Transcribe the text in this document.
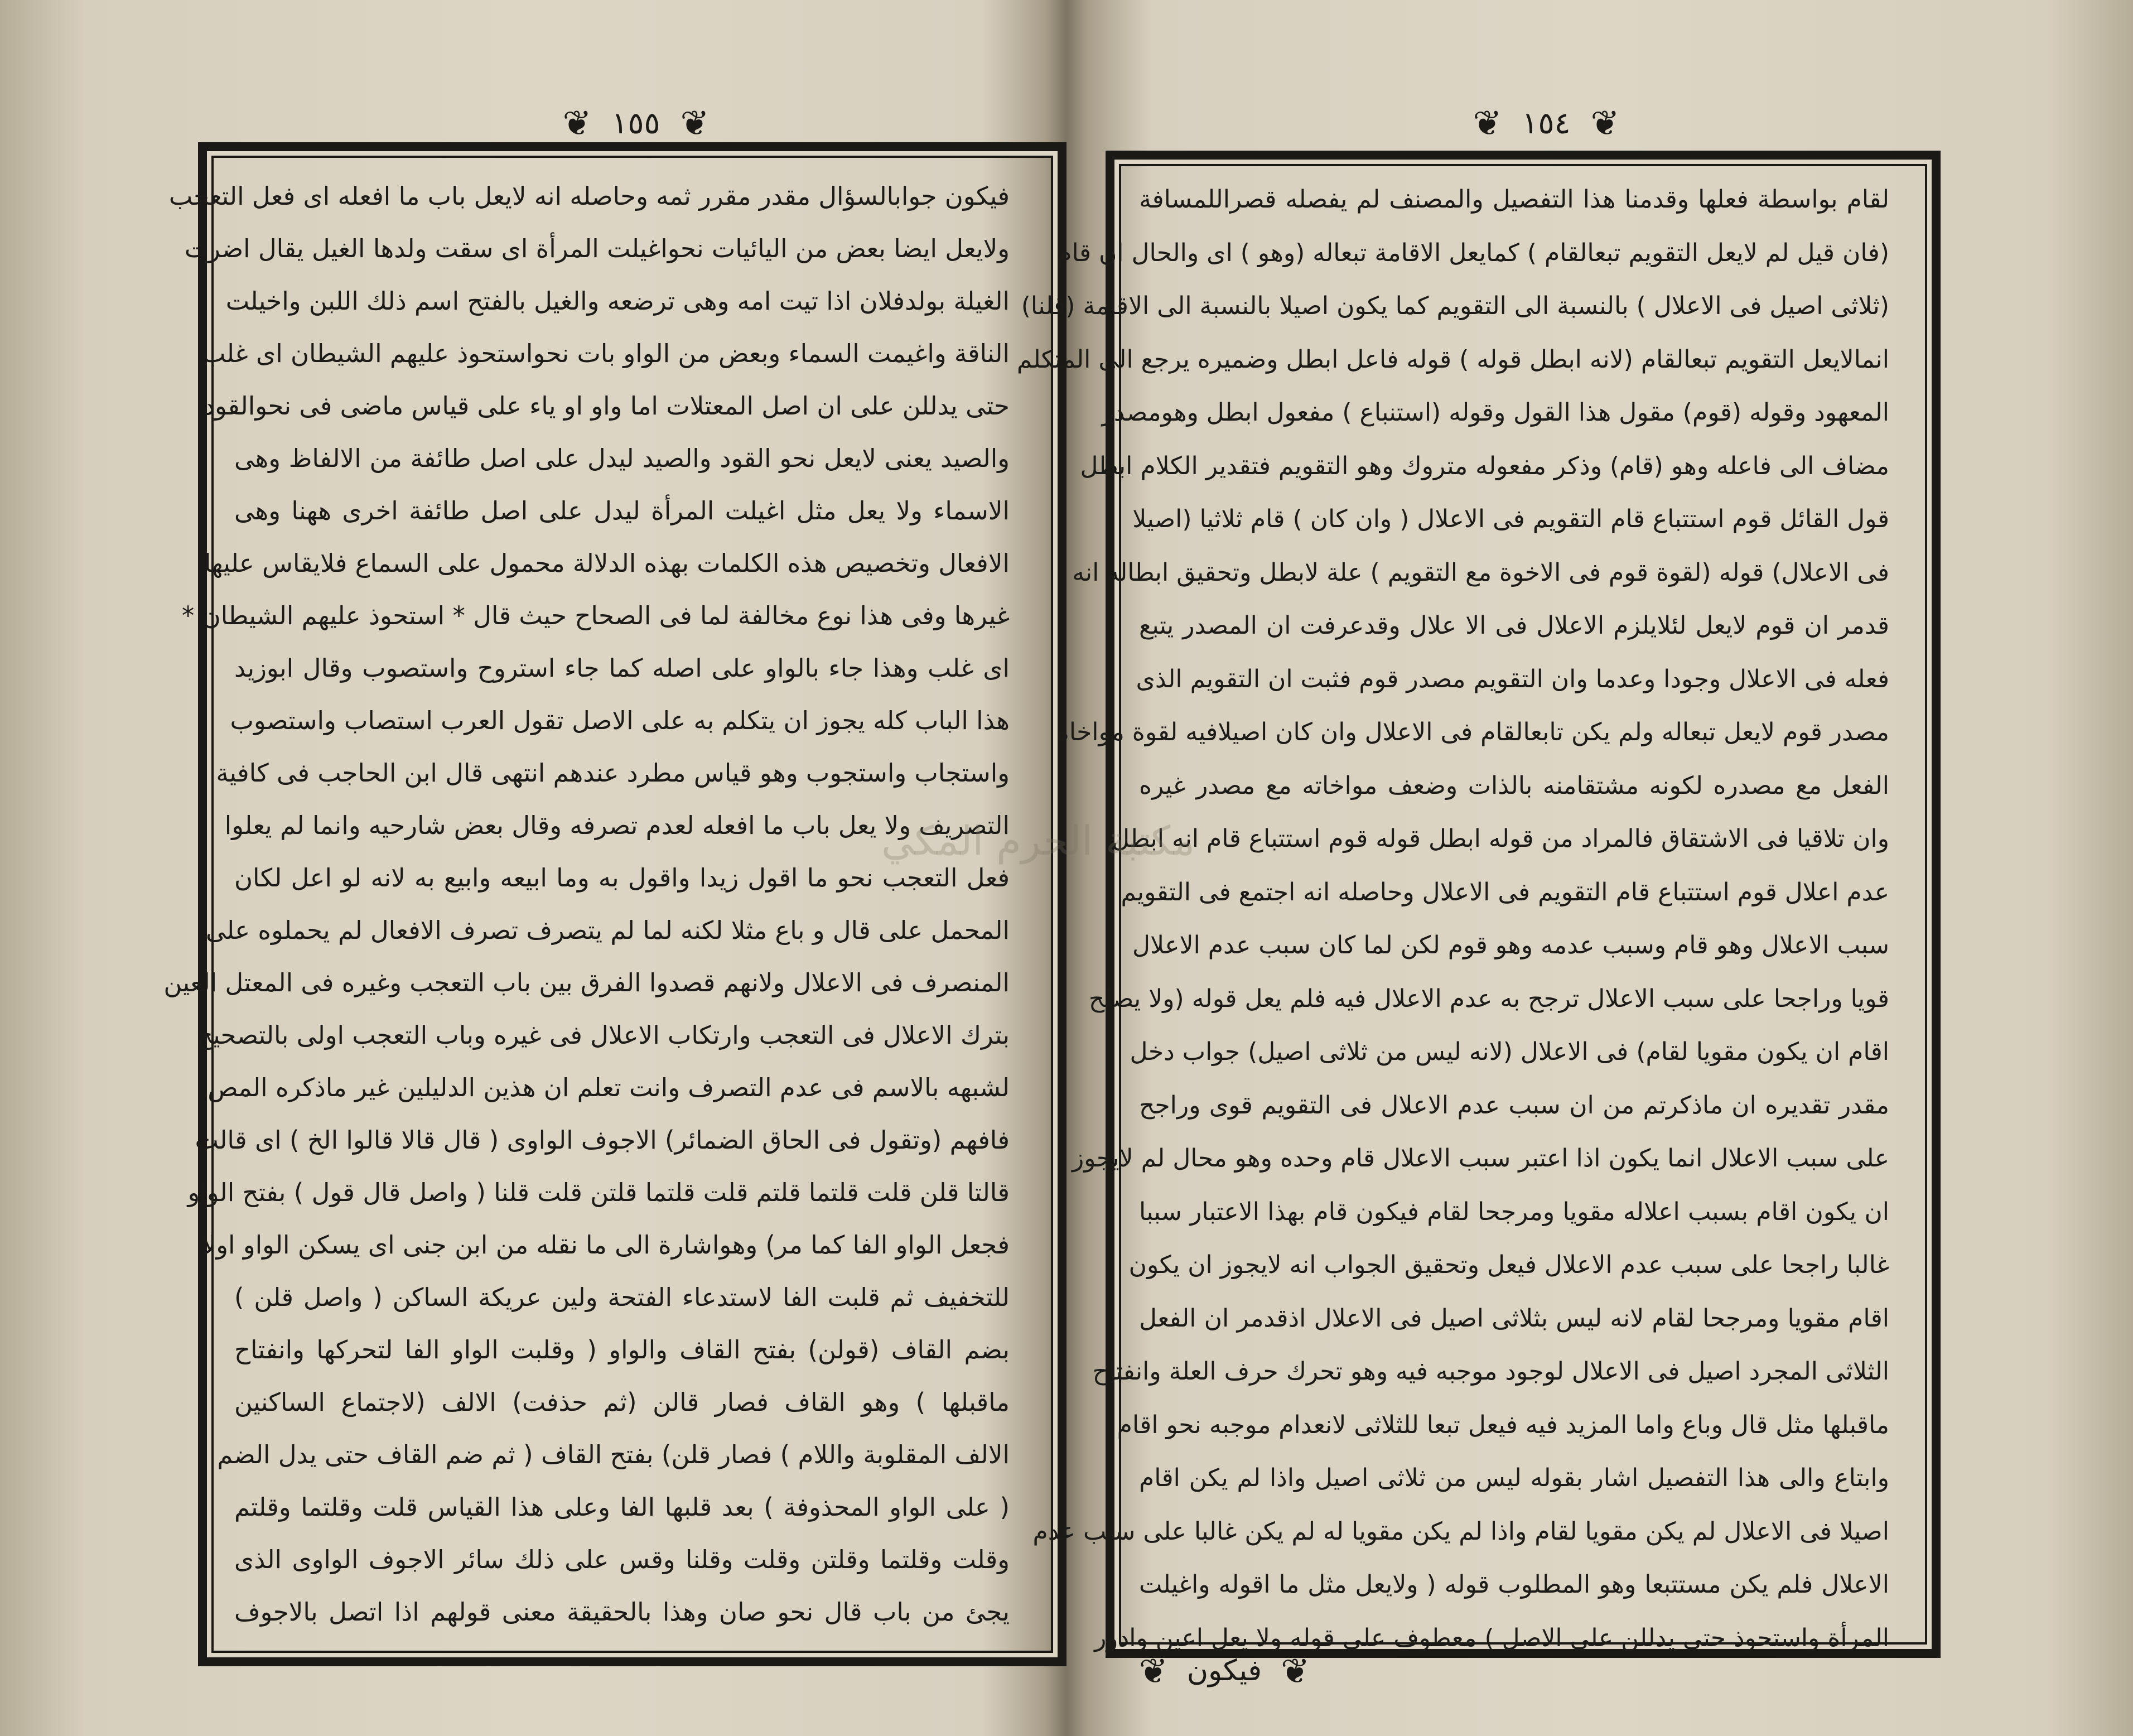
❦ ١٥٥ ❦
فيكون جوابالسؤال مقدر مقرر ثمه وحاصله انه لايعل باب ما افعله اى فعل التعجب
ولايعل ايضا بعض من اليائيات نحواغيلت المرأة اى سقت ولدها الغيل يقال اضرت
الغيلة بولدفلان اذا تيت امه وهى ترضعه والغيل بالفتح اسم ذلك اللبن واخيلت
الناقة واغيمت السماء وبعض من الواو بات نحواستحوذ عليهم الشيطان اى غلب
حتى يدللن على ان اصل المعتلات اما واو او ياء على قياس ماضى فى نحوالقود
والصيد يعنى لايعل نحو القود والصيد ليدل على اصل طائفة من الالفاظ وهى
الاسماء ولا يعل مثل اغيلت المرأة ليدل على اصل طائفة اخرى ههنا وهى
الافعال وتخصيص هذه الكلمات بهذه الدلالة محمول على السماع فلايقاس عليها
غيرها وفى هذا نوع مخالفة لما فى الصحاح حيث قال * استحوذ عليهم الشيطان *
اى غلب وهذا جاء بالواو على اصله كما جاء استروح واستصوب وقال ابوزيد
هذا الباب كله يجوز ان يتكلم به على الاصل تقول العرب استصاب واستصوب
واستجاب واستجوب وهو قياس مطرد عندهم انتهى قال ابن الحاجب فى كافية
التصريف ولا يعل باب ما افعله لعدم تصرفه وقال بعض شارحيه وانما لم يعلوا
فعل التعجب نحو ما اقول زيدا واقول به وما ابيعه وابيع به لانه لو اعل لكان
المحمل على قال و باع مثلا لكنه لما لم يتصرف تصرف الافعال لم يحملوه على
المنصرف فى الاعلال ولانهم قصدوا الفرق بين باب التعجب وغيره فى المعتل العين
بترك الاعلال فى التعجب وارتكاب الاعلال فى غيره وباب التعجب اولى بالتصحيح
لشبهه بالاسم فى عدم التصرف وانت تعلم ان هذين الدليلين غير ماذكره المص
فافهم (وتقول فى الحاق الضمائر) الاجوف الواوى ( قال قالا قالوا الخ ) اى قالت
قالتا قلن قلت قلتما قلتم قلت قلتما قلتن قلت قلنا ( واصل قال قول ) بفتح الواو
فجعل الواو الفا كما مر) وهواشارة الى ما نقله من ابن جنى اى يسكن الواو اولا
للتخفيف ثم قلبت الفا لاستدعاء الفتحة ولين عريكة الساكن ( واصل قلن )
بضم القاف (قولن) بفتح القاف والواو ( وقلبت الواو الفا لتحركها وانفتاح
ماقبلها ) وهو القاف فصار قالن (ثم حذفت) الالف (لاجتماع الساكنين
الالف المقلوبة واللام ) فصار قلن) بفتح القاف ( ثم ضم القاف حتى يدل الضم
( على الواو المحذوفة ) بعد قلبها الفا وعلى هذا القياس قلت وقلتما وقلتم
وقلت وقلتما وقلتن وقلت وقلنا وقس على ذلك سائر الاجوف الواوى الذى
يجئ من باب قال نحو صان وهذا بالحقيقة معنى قولهم اذا اتصل بالاجوف
❦ ١٥٤ ❦
لقام بواسطة فعلها وقدمنا هذا التفصيل والمصنف لم يفصله قصراللمسافة
(فان قيل لم لايعل التقويم تبعالقام ) كمايعل الاقامة تبعاله (وهو ) اى والحال ان قام
(ثلاثى اصيل فى الاعلال ) بالنسبة الى التقويم كما يكون اصيلا بالنسبة الى الاقامة (قلنا)
انمالايعل التقويم تبعالقام (لانه ابطل قوله ) قوله فاعل ابطل وضميره يرجع الى المتكلم
المعهود وقوله (قوم) مقول هذا القول وقوله (استنباع ) مفعول ابطل وهومصدر
مضاف الى فاعله وهو (قام) وذكر مفعوله متروك وهو التقويم فتقدير الكلام ابطل
قول القائل قوم استتباع قام التقويم فى الاعلال ( وان كان ) قام ثلاثيا (اصيلا
فى الاعلال) قوله (لقوة قوم فى الاخوة مع التقويم ) علة لابطل وتحقيق ابطاله انه
قدمر ان قوم لايعل لئلايلزم الاعلال فى الا علال وقدعرفت ان المصدر يتبع
فعله فى الاعلال وجودا وعدما وان التقويم مصدر قوم فثبت ان التقويم الذى
مصدر قوم لايعل تبعاله ولم يكن تابعالقام فى الاعلال وان كان اصيلافيه لقوة مواخاة
الفعل مع مصدره لكونه مشتقامنه بالذات وضعف مواخاته مع مصدر غيره
وان تلاقيا فى الاشتقاق فالمراد من قوله ابطل قوله قوم استتباع قام انه ابطل
عدم اعلال قوم استتباع قام التقويم فى الاعلال وحاصله انه اجتمع فى التقويم
سبب الاعلال وهو قام وسبب عدمه وهو قوم لكن لما كان سبب عدم الاعلال
قويا وراجحا على سبب الاعلال ترجح به عدم الاعلال فيه فلم يعل قوله (ولا يصلح
اقام ان يكون مقويا لقام) فى الاعلال (لانه ليس من ثلاثى اصيل) جواب دخل
مقدر تقديره ان ماذكرتم من ان سبب عدم الاعلال فى التقويم قوى وراجح
على سبب الاعلال انما يكون اذا اعتبر سبب الاعلال قام وحده وهو محال لم لايجوز
ان يكون اقام بسبب اعلاله مقويا ومرجحا لقام فيكون قام بهذا الاعتبار سببا
غالبا راجحا على سبب عدم الاعلال فيعل وتحقيق الجواب انه لايجوز ان يكون
اقام مقويا ومرجحا لقام لانه ليس بثلاثى اصيل فى الاعلال اذقدمر ان الفعل
الثلاثى المجرد اصيل فى الاعلال لوجود موجبه فيه وهو تحرك حرف العلة وانفتاح
ماقبلها مثل قال وباع واما المزيد فيه فيعل تبعا للثلاثى لانعدام موجبه نحو اقام
وابتاع والى هذا التفصيل اشار بقوله ليس من ثلاثى اصيل واذا لم يكن اقام
اصيلا فى الاعلال لم يكن مقويا لقام واذا لم يكن مقويا له لم يكن غالبا على سبب عدم
الاعلال فلم يكن مستتبعا وهو المطلوب قوله ( ولايعل مثل ما اقوله واغيلت
المرأة واستحوذ حتى يدللن على الاصل ) معطوف على قوله ولا يعل اعين وادور
❦
فيكون
❦
مكتبة الحرم المكي
